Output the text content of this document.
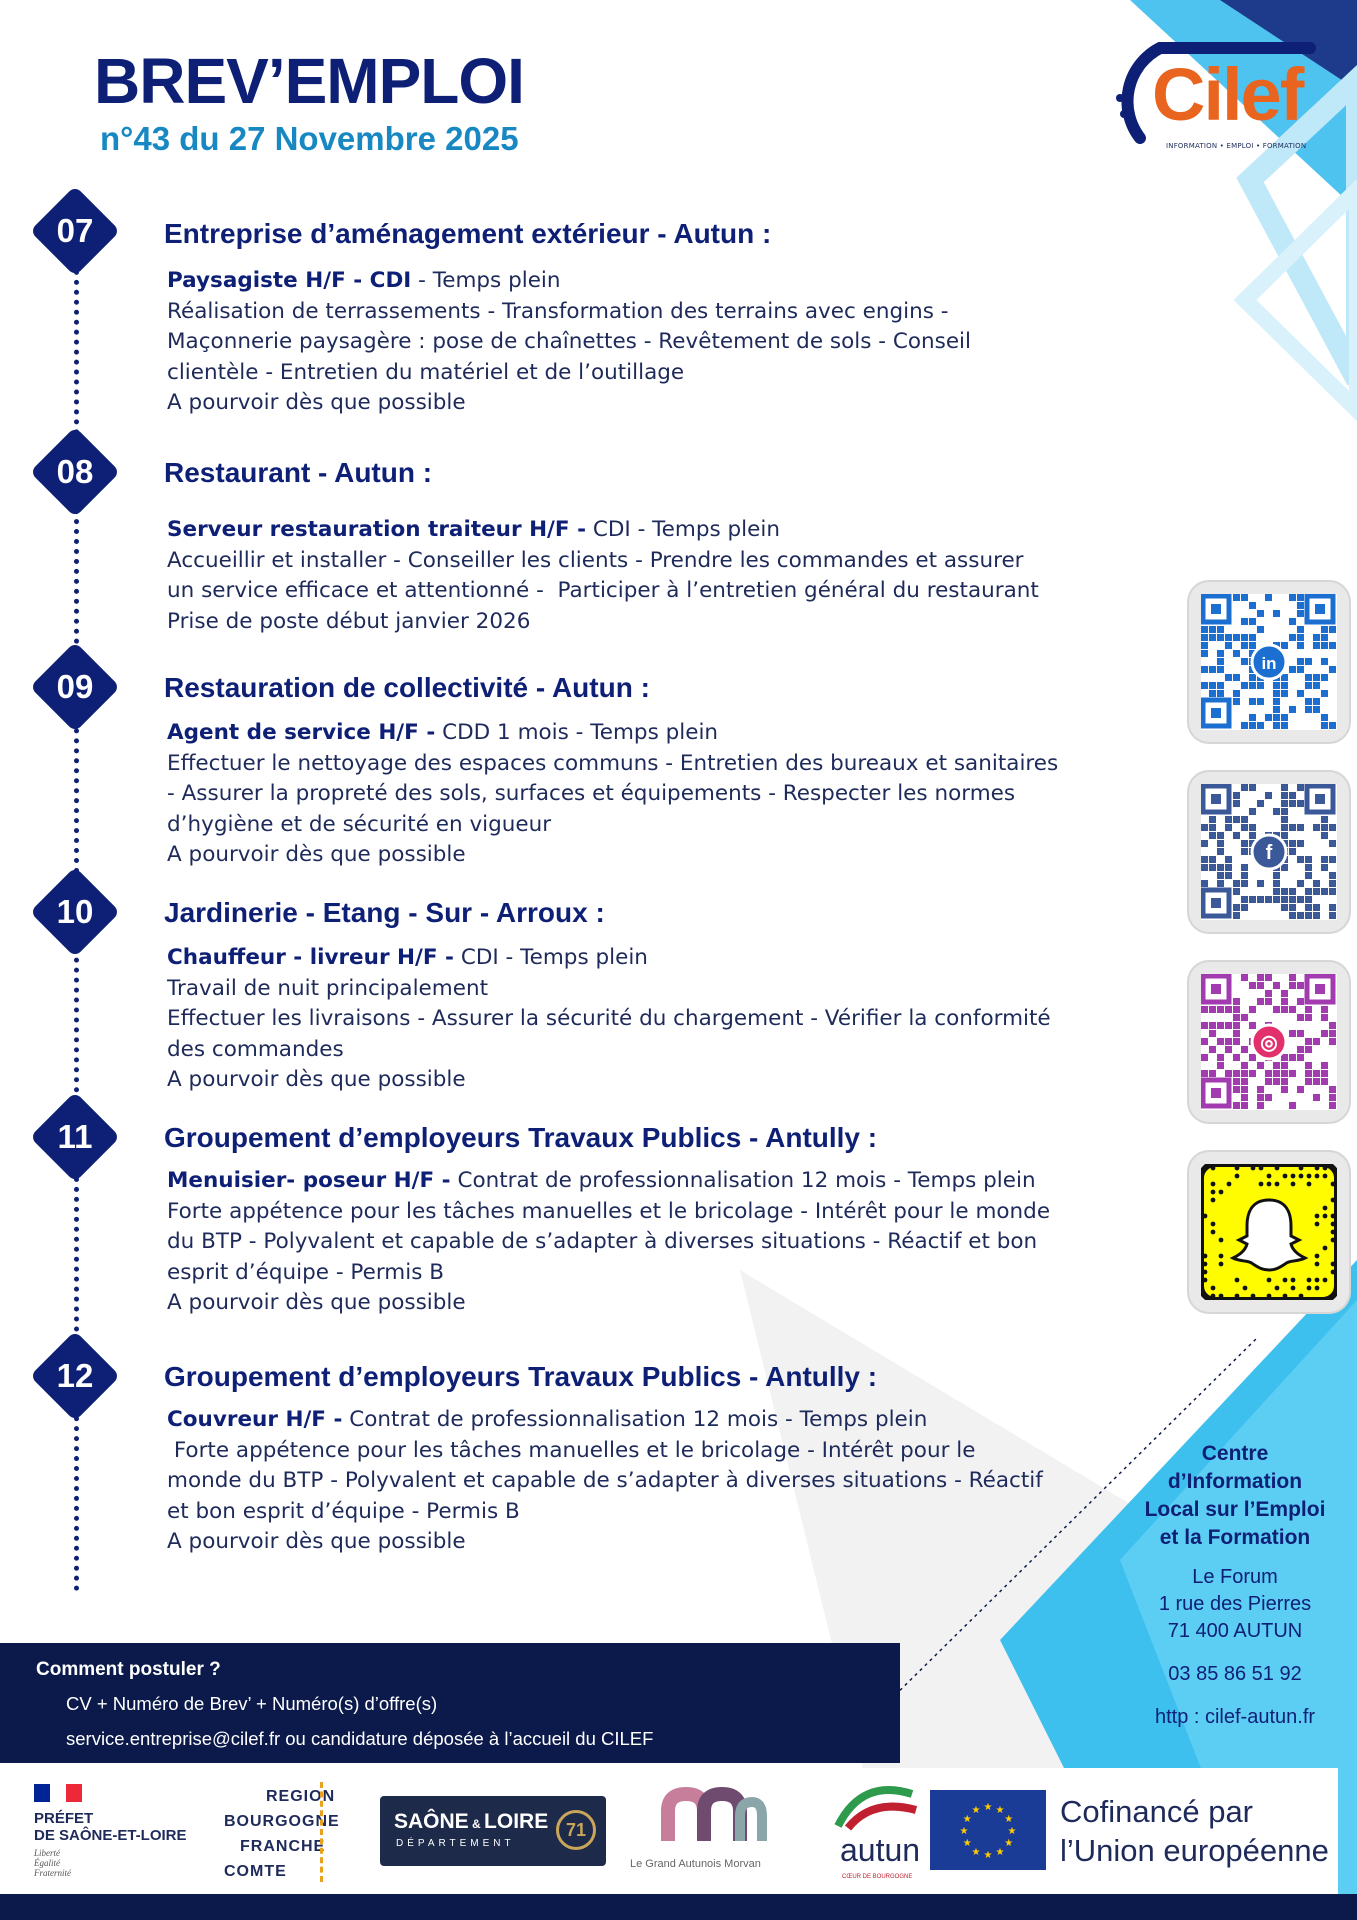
BREV’EMPLOI
n°43 du 27 Novembre 2025
Cilef
INFORMATION • EMPLOI • FORMATION
07	Entreprise d’aménagement extérieur - Autun :
Paysagiste H/F - CDI - Temps plein
Réalisation de terrassements - Transformation des terrains avec engins -
Maçonnerie paysagère : pose de chaînettes - Revêtement de sols - Conseil
clientèle - Entretien du matériel et de l’outillage
A pourvoir dès que possible
08	Restaurant - Autun :
Serveur restauration traiteur H/F - CDI - Temps plein
Accueillir et installer - Conseiller les clients - Prendre les commandes et assurer
un service efficace et attentionné -  Participer à l’entretien général du restaurant
Prise de poste début janvier 2026
09	Restauration de collectivité - Autun :
Agent de service H/F - CDD 1 mois - Temps plein
Effectuer le nettoyage des espaces communs - Entretien des bureaux et sanitaires
- Assurer la propreté des sols, surfaces et équipements - Respecter les normes
d’hygiène et de sécurité en vigueur
A pourvoir dès que possible
10	Jardinerie - Etang - Sur - Arroux :
Chauffeur - livreur H/F - CDI - Temps plein
Travail de nuit principalement
Effectuer les livraisons - Assurer la sécurité du chargement - Vérifier la conformité
des commandes
A pourvoir dès que possible
11	Groupement d’employeurs Travaux Publics - Antully :
Menuisier- poseur H/F - Contrat de professionnalisation 12 mois - Temps plein
Forte appétence pour les tâches manuelles et le bricolage - Intérêt pour le monde
du BTP - Polyvalent et capable de s’adapter à diverses situations - Réactif et bon
esprit d’équipe - Permis B
A pourvoir dès que possible
12	Groupement d’employeurs Travaux Publics - Antully :
Couvreur H/F - Contrat de professionnalisation 12 mois - Temps plein
Forte appétence pour les tâches manuelles et le bricolage - Intérêt pour le
monde du BTP - Polyvalent et capable de s’adapter à diverses situations - Réactif
et bon esprit d’équipe - Permis B
A pourvoir dès que possible
in
f
◎
Centre
d’Information
Local sur l’Emploi
et la Formation
Le Forum
1 rue des Pierres
71 400 AUTUN
03 85 86 51 92
http : cilef-autun.fr
Comment postuler ?
CV + Numéro de Brev’ + Numéro(s) d’offre(s)
service.entreprise@cilef.fr ou candidature déposée à l’accueil du CILEF
PRÉFET
DE SAÔNE-ET-LOIRE
Liberté
Égalité
Fraternité
REGION
BOURGOGNE
FRANCHE
COMTE
SAÔNE & LOIRE
DÉPARTEMENT
71
Le Grand Autunois Morvan autun
CŒUR DE BOURGOGNE
★
★
★
★
★
★
★
★
★ ★ ★
★ Cofinancé par
l’Union européenne
